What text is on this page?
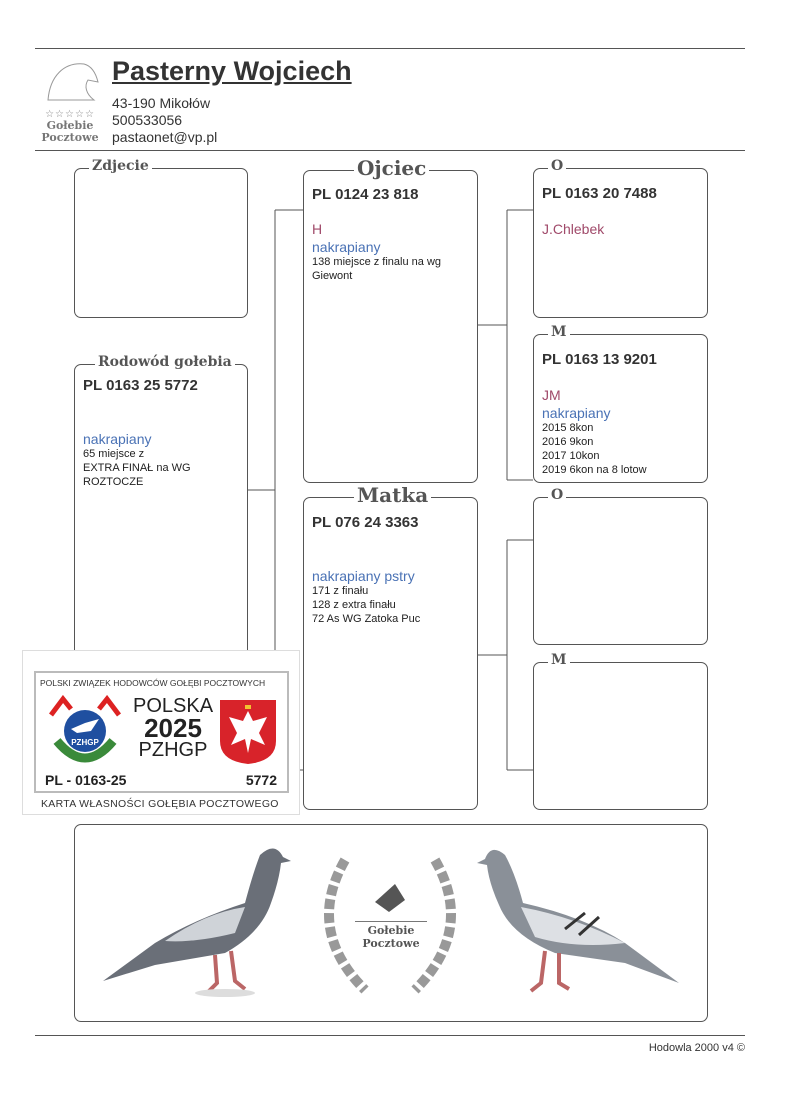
☆☆☆☆☆
Gołebie
Pocztowe
Pasterny Wojciech
43-190 Mikołów
500533056
pastaonet@vp.pl
Zdjecie
Rodowód gołebia
PL 0163 25 5772
nakrapiany
65 miejsce z
EXTRA FINAŁ na WG
ROZTOCZE
Ojciec
PL 0124 23 818
H
nakrapiany
138 miejsce z finalu na wg
Giewont
Matka
PL 076 24 3363
nakrapiany pstry
171 z finału
128 z extra finału
72 As WG Zatoka Puc
O
PL 0163 20 7488
J.Chlebek
M
PL 0163 13 9201
JM
nakrapiany
2015 8kon
2016 9kon
2017 10kon
2019 6kon na 8 lotow
O
M
POLSKI ZWIĄZEK HODOWCÓW GOŁĘBI POCZTOWYCH
PZHGP
POLSKA
2025
PZHGP
PL - 0163-25	5772
KARTA WŁASNOŚCI GOŁĘBIA POCZTOWEGO
Gołebie
Pocztowe
Hodowla 2000 v4 ©
